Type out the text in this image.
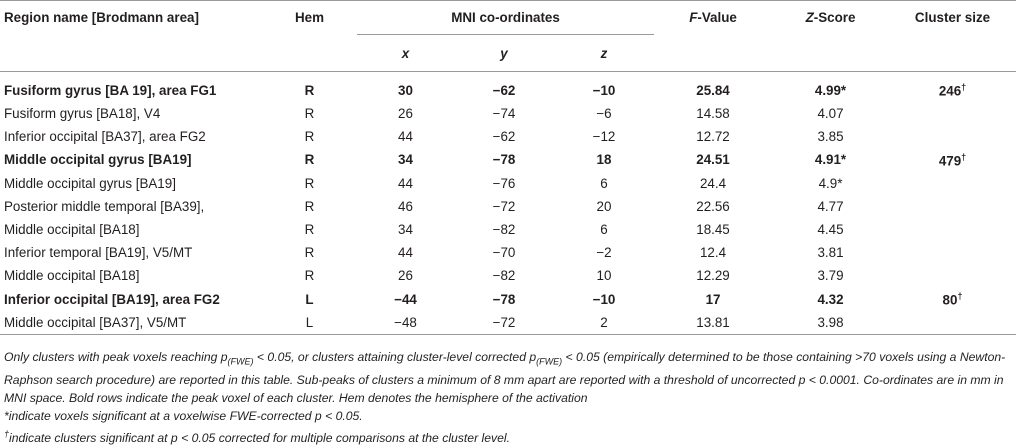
Region name [Brodmann area]	Hem	MNI co-ordinates			F-Value	Z-Score	Cluster size
		x	y	z			
Fusiform gyrus [BA 19], area FG1	R	30	−62	−10	25.84	4.99*	246†
Fusiform gyrus [BA18], V4	R	26	−74	−6	14.58	4.07	
Inferior occipital [BA37], area FG2	R	44	−62	−12	12.72	3.85	
Middle occipital gyrus [BA19]	R	34	−78	18	24.51	4.91*	479†
Middle occipital gyrus [BA19]	R	44	−76	6	24.4	4.9*	
Posterior middle temporal [BA39],	R	46	−72	20	22.56	4.77	
Middle occipital [BA18]	R	34	−82	6	18.45	4.45	
Inferior temporal [BA19], V5/MT	R	44	−70	−2	12.4	3.81	
Middle occipital [BA18]	R	26	−82	10	12.29	3.79	
Inferior occipital [BA19], area FG2	L	−44	−78	−10	17	4.32	80†
Middle occipital [BA37], V5/MT	L	−48	−72	2	13.81	3.98	

Only clusters with peak voxels reaching $p_{(FWE)} < 0.05$, or clusters attaining cluster-level corrected $p_{(FWE)} < 0.05$ (empirically determined to be those containing >70 voxels using a Newton-Raphson search procedure) are reported in this table. Sub-peaks of clusters a minimum of 8 mm apart are reported with a threshold of uncorrected p < 0.0001. Co-ordinates are in mm in MNI space. Bold rows indicate the peak voxel of each cluster. Hem denotes the hemisphere of the activation

*indicate voxels significant at a voxelwise FWE-corrected p < 0.05.

†indicate clusters significant at p < 0.05 corrected for multiple comparisons at the cluster level.
